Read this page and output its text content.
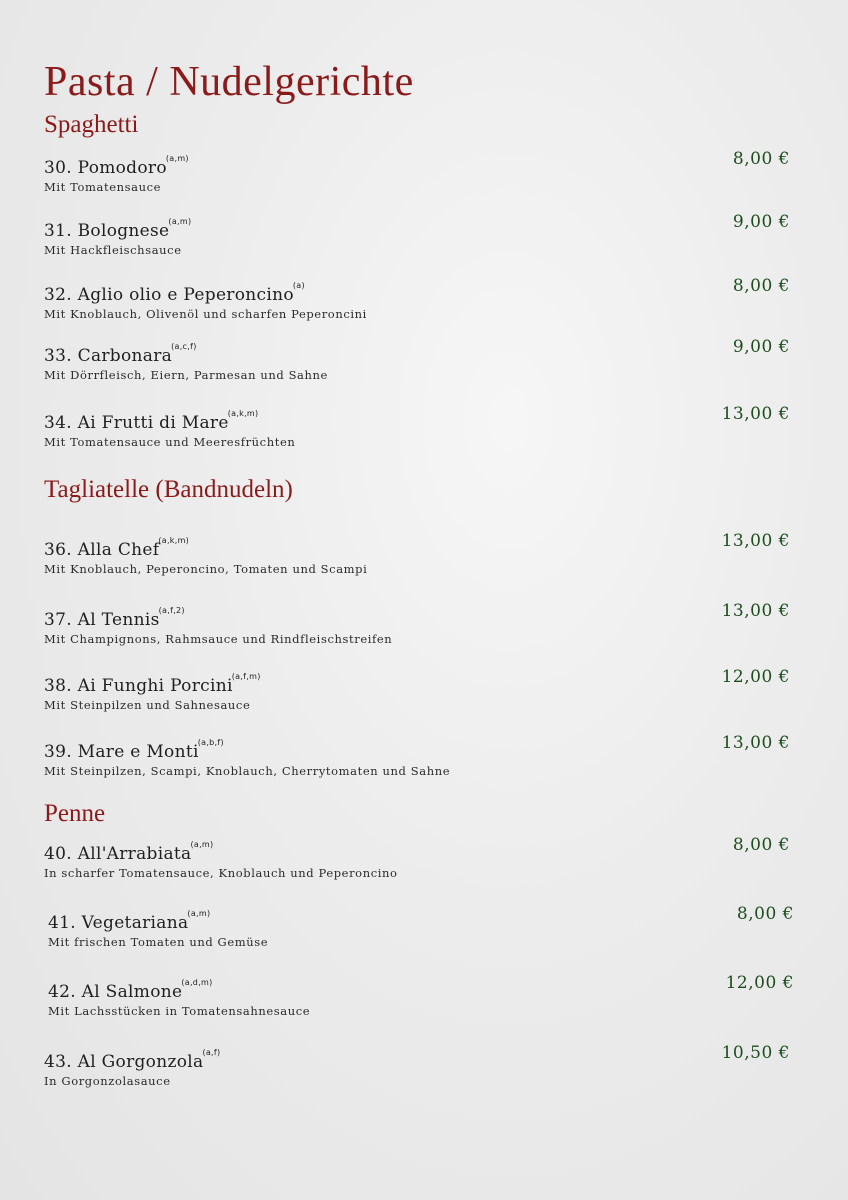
Pasta / Nudelgerichte
Spaghetti
30. Pomodoro$^{(a,m)}$	8,00 €
Mit Tomatensauce
31. Bolognese$^{(a,m)}$	9,00 €
Mit Hackfleischsauce
32. Aglio olio e Peperoncino$^{(a)}$	8,00 €
Mit Knoblauch, Olivenöl und scharfen Peperoncini
33. Carbonara$^{(a,c,f)}$	9,00 €
Mit Dörrfleisch, Eiern, Parmesan und Sahne
34. Ai Frutti di Mare$^{(a,k,m)}$	13,00 €
Mit Tomatensauce und Meeresfrüchten
Tagliatelle (Bandnudeln)
36. Alla Chef$^{(a,k,m)}$	13,00 €
Mit Knoblauch, Peperoncino, Tomaten und Scampi
37. Al Tennis$^{(a,f,2)}$	13,00 €
Mit Champignons, Rahmsauce und Rindfleischstreifen
38. Ai Funghi Porcini$^{(a,f,m)}$	12,00 €
Mit Steinpilzen und Sahnesauce
39. Mare e Monti$^{(a,b,f)}$	13,00 €
Mit Steinpilzen, Scampi, Knoblauch, Cherrytomaten und Sahne
Penne
40. All'Arrabiata$^{(a,m)}$	8,00 €
In scharfer Tomatensauce, Knoblauch und Peperoncino
41. Vegetariana$^{(a,m)}$	8,00 €
Mit frischen Tomaten und Gemüse
42. Al Salmone$^{(a,d,m)}$	12,00 €
Mit Lachsstücken in Tomatensahnesauce
43. Al Gorgonzola$^{(a,f)}$	10,50 €
In Gorgonzolasauce
